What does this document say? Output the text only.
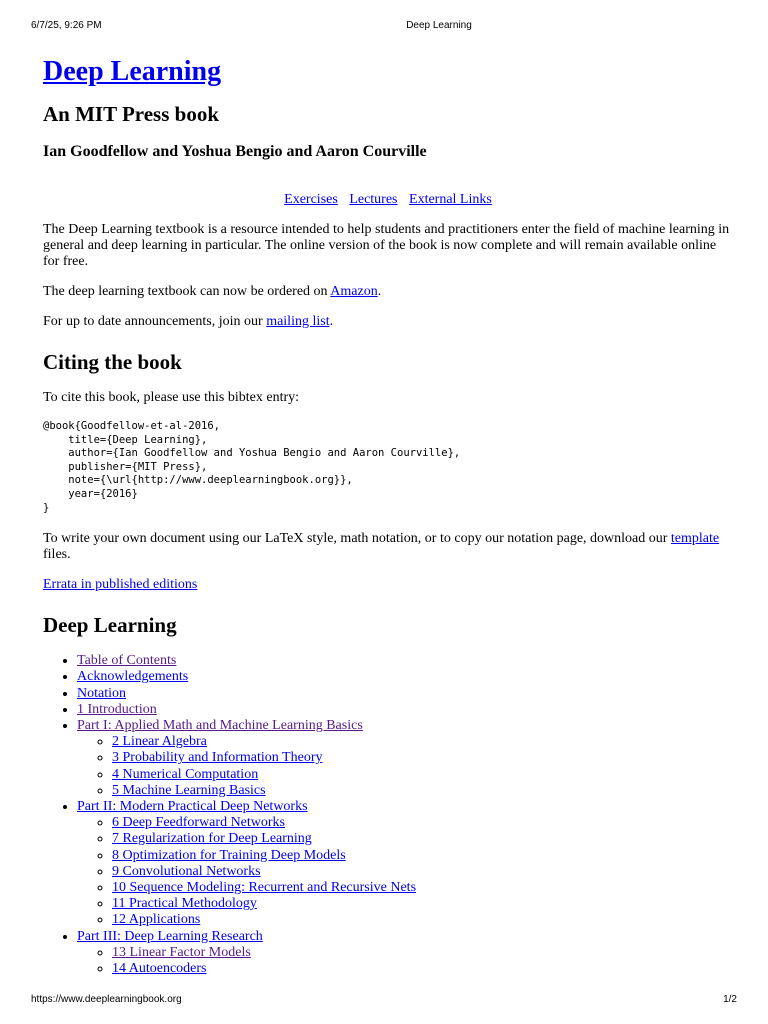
6/7/25, 9:26 PM	Deep Learning
Deep Learning
An MIT Press book
Ian Goodfellow and Yoshua Bengio and Aaron Courville
Exercises Lectures External Links

The Deep Learning textbook is a resource intended to help students and practitioners enter the field of machine learning in general and deep learning in particular. The online version of the book is now complete and will remain available online for free.

The deep learning textbook can now be ordered on Amazon.

For up to date announcements, join our mailing list.

Citing the book

To cite this book, please use this bibtex entry:

@book{Goodfellow-et-al-2016,
title={Deep Learning},
author={Ian Goodfellow and Yoshua Bengio and Aaron Courville},
publisher={MIT Press},
note={\url{http://www.deeplearningbook.org}},
year={2016}
}

To write your own document using our LaTeX style, math notation, or to copy our notation page, download our template files.

Errata in published editions

Deep Learning
• Table of Contents
• Acknowledgements
• Notation
• 1 Introduction
• Part I: Applied Math and Machine Learning Basics
◦ 2 Linear Algebra
◦ 3 Probability and Information Theory
◦ 4 Numerical Computation
◦ 5 Machine Learning Basics
• Part II: Modern Practical Deep Networks
◦ 6 Deep Feedforward Networks
◦ 7 Regularization for Deep Learning
◦ 8 Optimization for Training Deep Models
◦ 9 Convolutional Networks
◦ 10 Sequence Modeling: Recurrent and Recursive Nets
◦ 11 Practical Methodology
◦ 12 Applications
• Part III: Deep Learning Research
◦ 13 Linear Factor Models
◦ 14 Autoencoders
https://www.deeplearningbook.org	1/2
